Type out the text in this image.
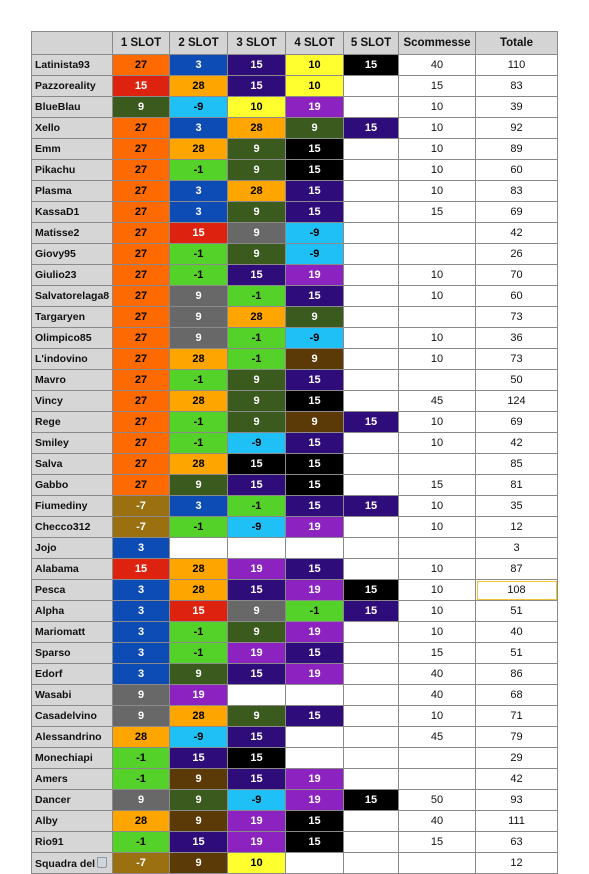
	1 SLOT	2 SLOT	3 SLOT	4 SLOT	5 SLOT	Scommesse	Totale
Latinista93	27	3	15	10	15	40	110
Pazzoreality	15	28	15	10		15	83
BlueBlau	9	-9	10	19		10	39
Xello	27	3	28	9	15	10	92
Emm	27	28	9	15		10	89
Pikachu	27	-1	9	15		10	60
Plasma	27	3	28	15		10	83
KassaD1	27	3	9	15		15	69
Matisse2	27	15	9	-9			42
Giovy95	27	-1	9	-9			26
Giulio23	27	-1	15	19		10	70
Salvatorelaga8	27	9	-1	15		10	60
Targaryen	27	9	28	9			73
Olimpico85	27	9	-1	-9		10	36
L'indovino	27	28	-1	9		10	73
Mavro	27	-1	9	15			50
Vincy	27	28	9	15		45	124
Rege	27	-1	9	9	15	10	69
Smiley	27	-1	-9	15		10	42
Salva	27	28	15	15			85
Gabbo	27	9	15	15		15	81
Fiumediny	-7	3	-1	15	15	10	35
Checco312	-7	-1	-9	19		10	12
Jojo	3						3
Alabama	15	28	19	15		10	87
Pesca	3	28	15	19	15	10	108
Alpha	3	15	9	-1	15	10	51
Mariomatt	3	-1	9	19		10	40
Sparso	3	-1	19	15		15	51
Edorf	3	9	15	19		40	86
Wasabi	9	19				40	68
Casadelvino	9	28	9	15		10	71
Alessandrino	28	-9	15			45	79
Monechiapi	-1	15	15				29
Amers	-1	9	15	19			42
Dancer	9	9	-9	19	15	50	93
Alby	28	9	19	15		40	111
Rio91	-1	15	19	15		15	63
Squadra del	-7	9	10				12
